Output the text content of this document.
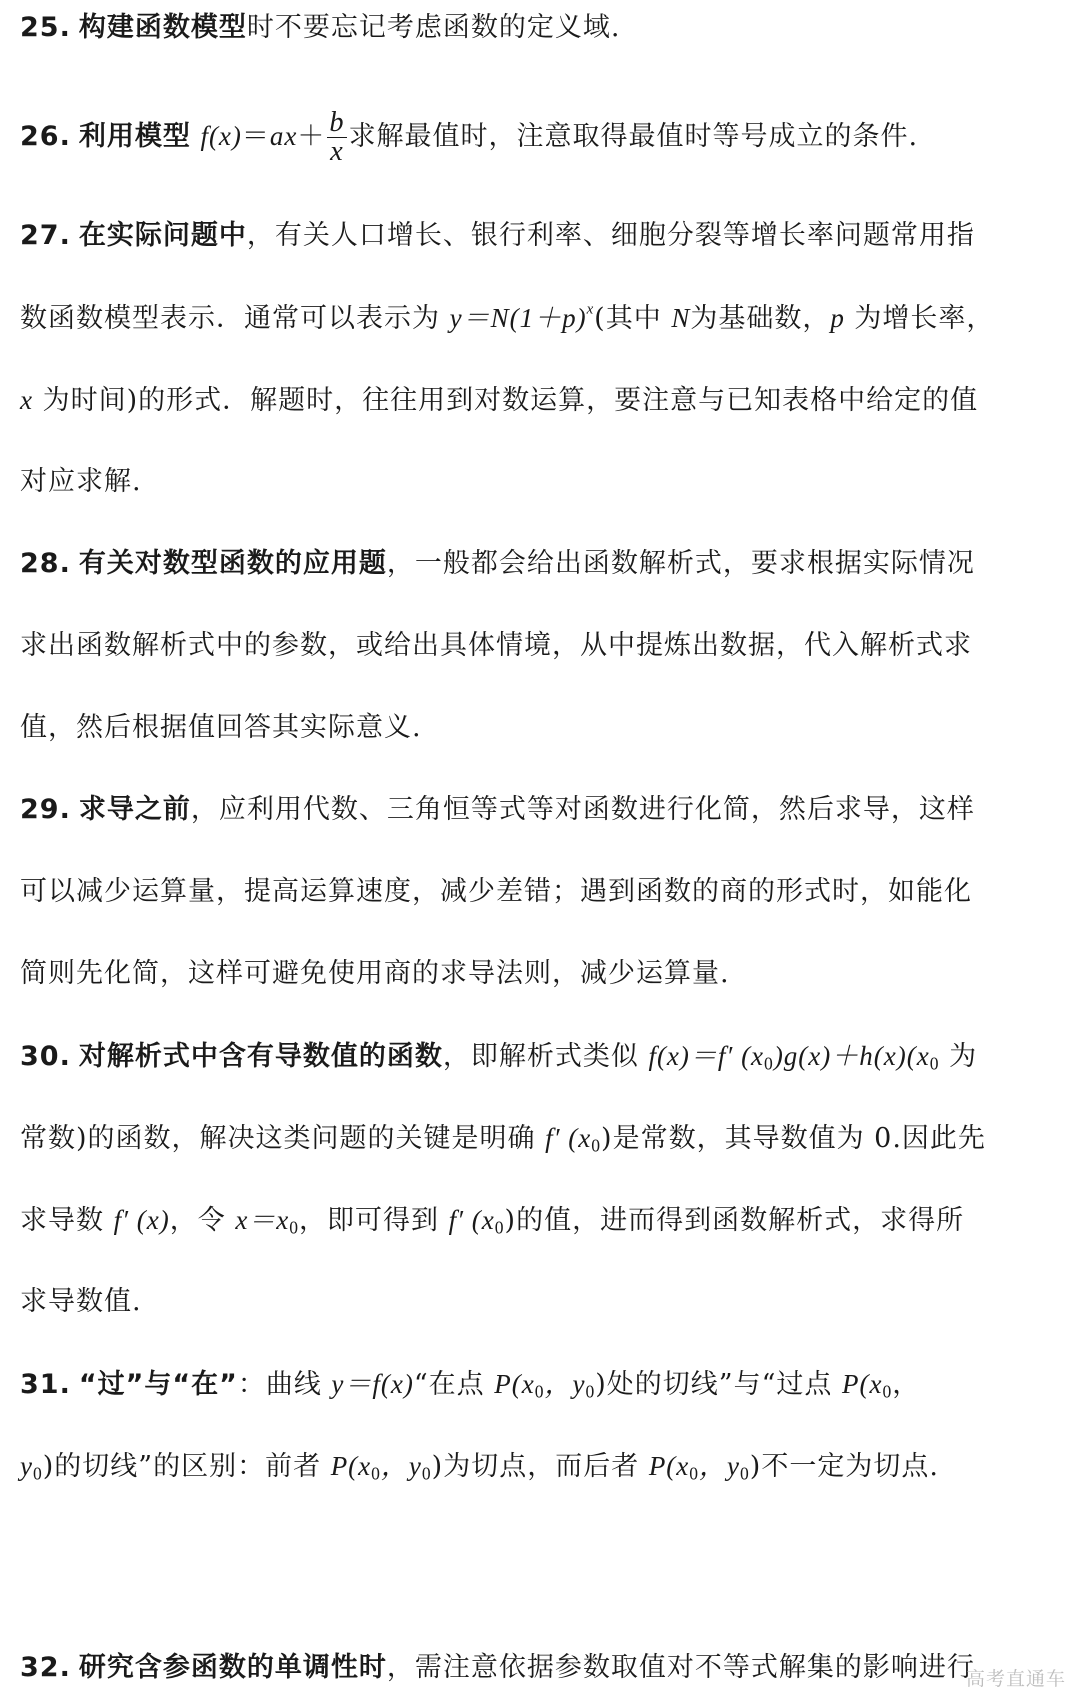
25. 构建函数模型时不要忘记考虑函数的定义域.
26. 利用模型 $f(x)=ax+ \frac{b}{x}$ 求解最值时，注意取得最值时等号成立的条件.
27. 在实际问题中，有关人口增长、银行利率、细胞分裂等增长率问题常用指
数函数模型表示．通常可以表示为 $y=N(1+p)^x$(其中 N为基础数，p 为增长率，
x 为时间)的形式．解题时，往往用到对数运算，要注意与已知表格中给定的值
对应求解.
28. 有关对数型函数的应用题，一般都会给出函数解析式，要求根据实际情况
求出函数解析式中的参数，或给出具体情境，从中提炼出数据，代入解析式求
值，然后根据值回答其实际意义.
29. 求导之前，应利用代数、三角恒等式等对函数进行化简，然后求导，这样
可以减少运算量，提高运算速度，减少差错；遇到函数的商的形式时，如能化
简则先化简，这样可避免使用商的求导法则，减少运算量.
30. 对解析式中含有导数值的函数，即解析式类似 f(x)＝f′ $(x_0)g(x)+h(x)(x_0$ 为
常数)的函数，解决这类问题的关键是明确 f′ $(x_0)$是常数，其导数值为 0.因此先
求导数 f′ (x)，令 $x=x_0$，即可得到 f′ $(x_0)$的值，进而得到函数解析式，求得所
求导数值.
31. “过”与“在”：曲线 y＝f(x)“在点 $P(x_0$，$y_0$)处的切线”与“过点 $P(x_0$，
$y_0$)的切线”的区别：前者 $P(x_0$，$y_0$)为切点，而后者 $P(x_0$，$y_0$)不一定为切点.
32. 研究含参函数的单调性时，需注意依据参数取值对不等式解集的影响进行
高考直通车
